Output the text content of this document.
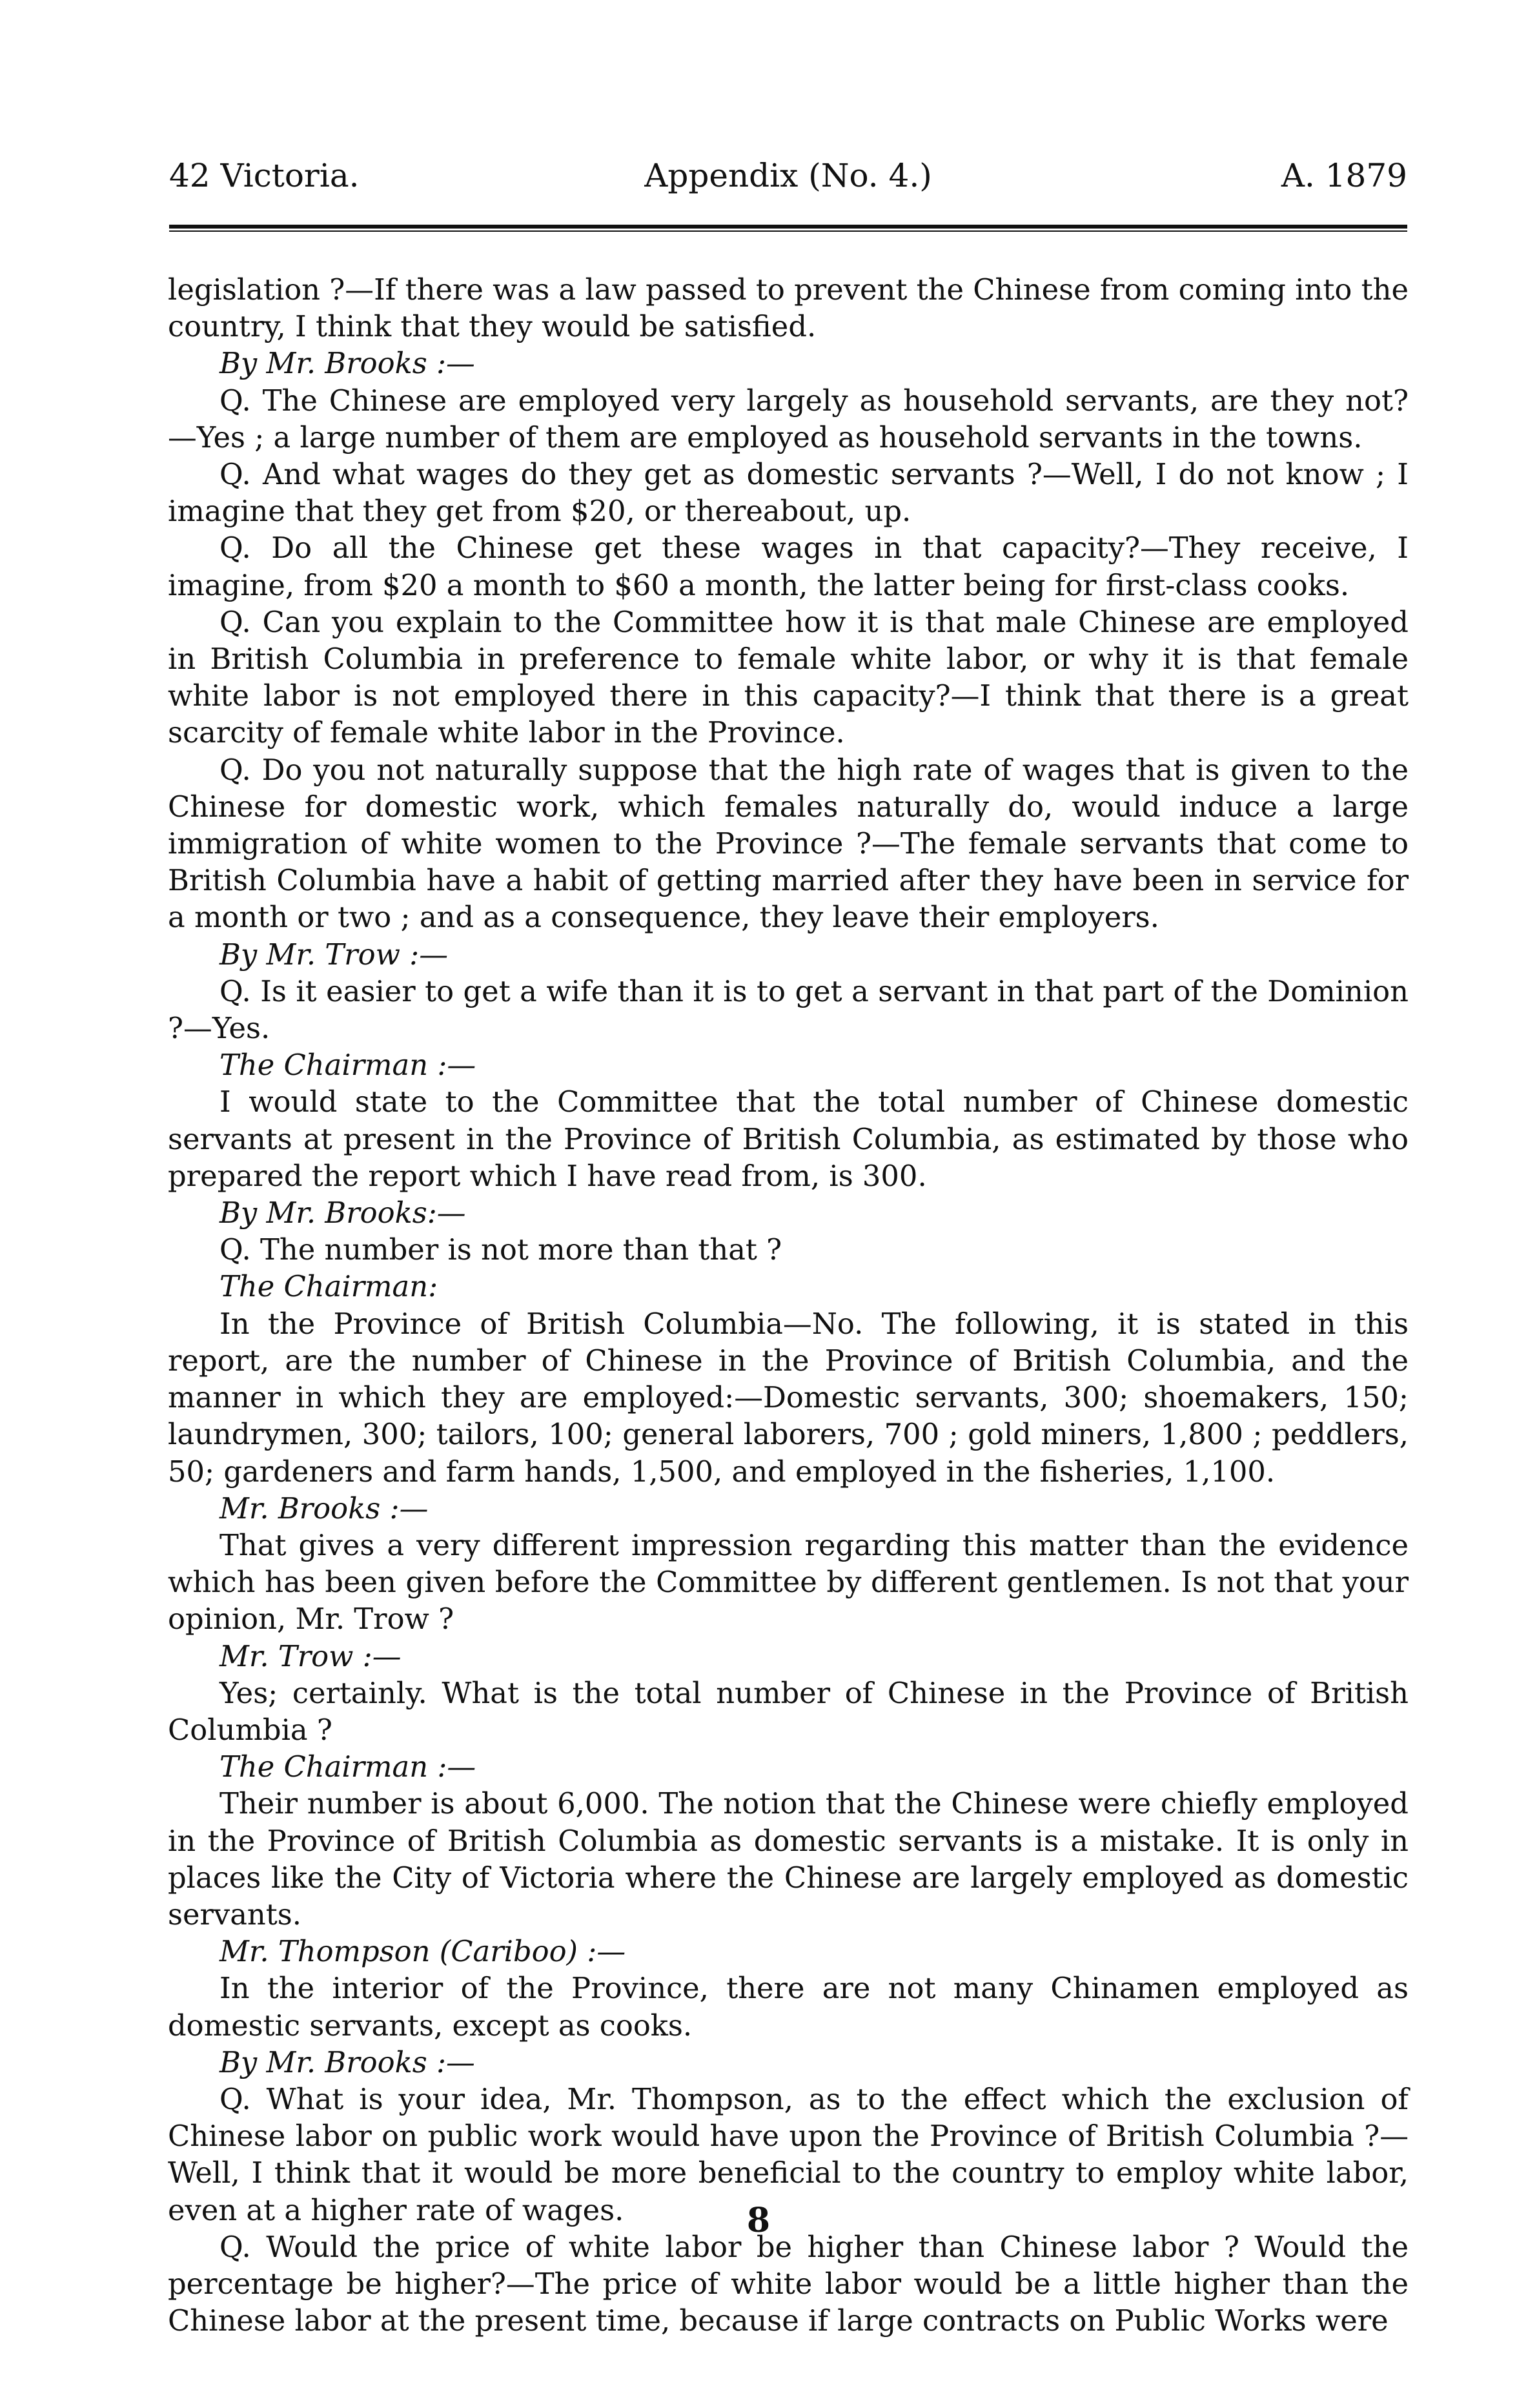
42 Victoria.	Appendix (No. 4.)	A. 1879

legislation ?—If there was a law passed to prevent the Chinese from coming into the country, I think that they would be satisfied.

By Mr. Brooks :—

Q. The Chinese are employed very largely as household servants, are they not? —Yes ; a large number of them are employed as household servants in the towns.

Q. And what wages do they get as domestic servants ?—Well, I do not know ; I imagine that they get from $20, or thereabout, up.

Q. Do all the Chinese get these wages in that capacity?—They receive, I imagine, from $20 a month to $60 a month, the latter being for first-class cooks.

Q. Can you explain to the Committee how it is that male Chinese are employed in British Columbia in preference to female white labor, or why it is that female white labor is not employed there in this capacity?—I think that there is a great scarcity of female white labor in the Province.

Q. Do you not naturally suppose that the high rate of wages that is given to the Chinese for domestic work, which females naturally do, would induce a large immigration of white women to the Province ?—The female servants that come to British Columbia have a habit of getting married after they have been in service for a month or two ; and as a consequence, they leave their employers.

By Mr. Trow :—

Q. Is it easier to get a wife than it is to get a servant in that part of the Dominion ?—Yes.

The Chairman :—

I would state to the Committee that the total number of Chinese domestic servants at present in the Province of British Columbia, as estimated by those who prepared the report which I have read from, is 300.

By Mr. Brooks:—

Q. The number is not more than that ?

The Chairman:

In the Province of British Columbia—No. The following, it is stated in this report, are the number of Chinese in the Province of British Columbia, and the manner in which they are employed:—Domestic servants, 300; shoemakers, 150; laundrymen, 300; tailors, 100; general laborers, 700 ; gold miners, 1,800 ; peddlers, 50; gardeners and farm hands, 1,500, and employed in the fisheries, 1,100.

Mr. Brooks :—

That gives a very different impression regarding this matter than the evidence which has been given before the Committee by different gentlemen. Is not that your opinion, Mr. Trow ?

Mr. Trow :—

Yes; certainly. What is the total number of Chinese in the Province of British Columbia ?

The Chairman :—

Their number is about 6,000. The notion that the Chinese were chiefly employed in the Province of British Columbia as domestic servants is a mistake. It is only in places like the City of Victoria where the Chinese are largely employed as domestic servants.

Mr. Thompson (Cariboo) :—

In the interior of the Province, there are not many Chinamen employed as domestic servants, except as cooks.

By Mr. Brooks :—

Q. What is your idea, Mr. Thompson, as to the effect which the exclusion of Chinese labor on public work would have upon the Province of British Columbia ?—Well, I think that it would be more beneficial to the country to employ white labor, even at a higher rate of wages.

Q. Would the price of white labor be higher than Chinese labor ? Would the percentage be higher?—The price of white labor would be a little higher than the Chinese labor at the present time, because if large contracts on Public Works were

8
